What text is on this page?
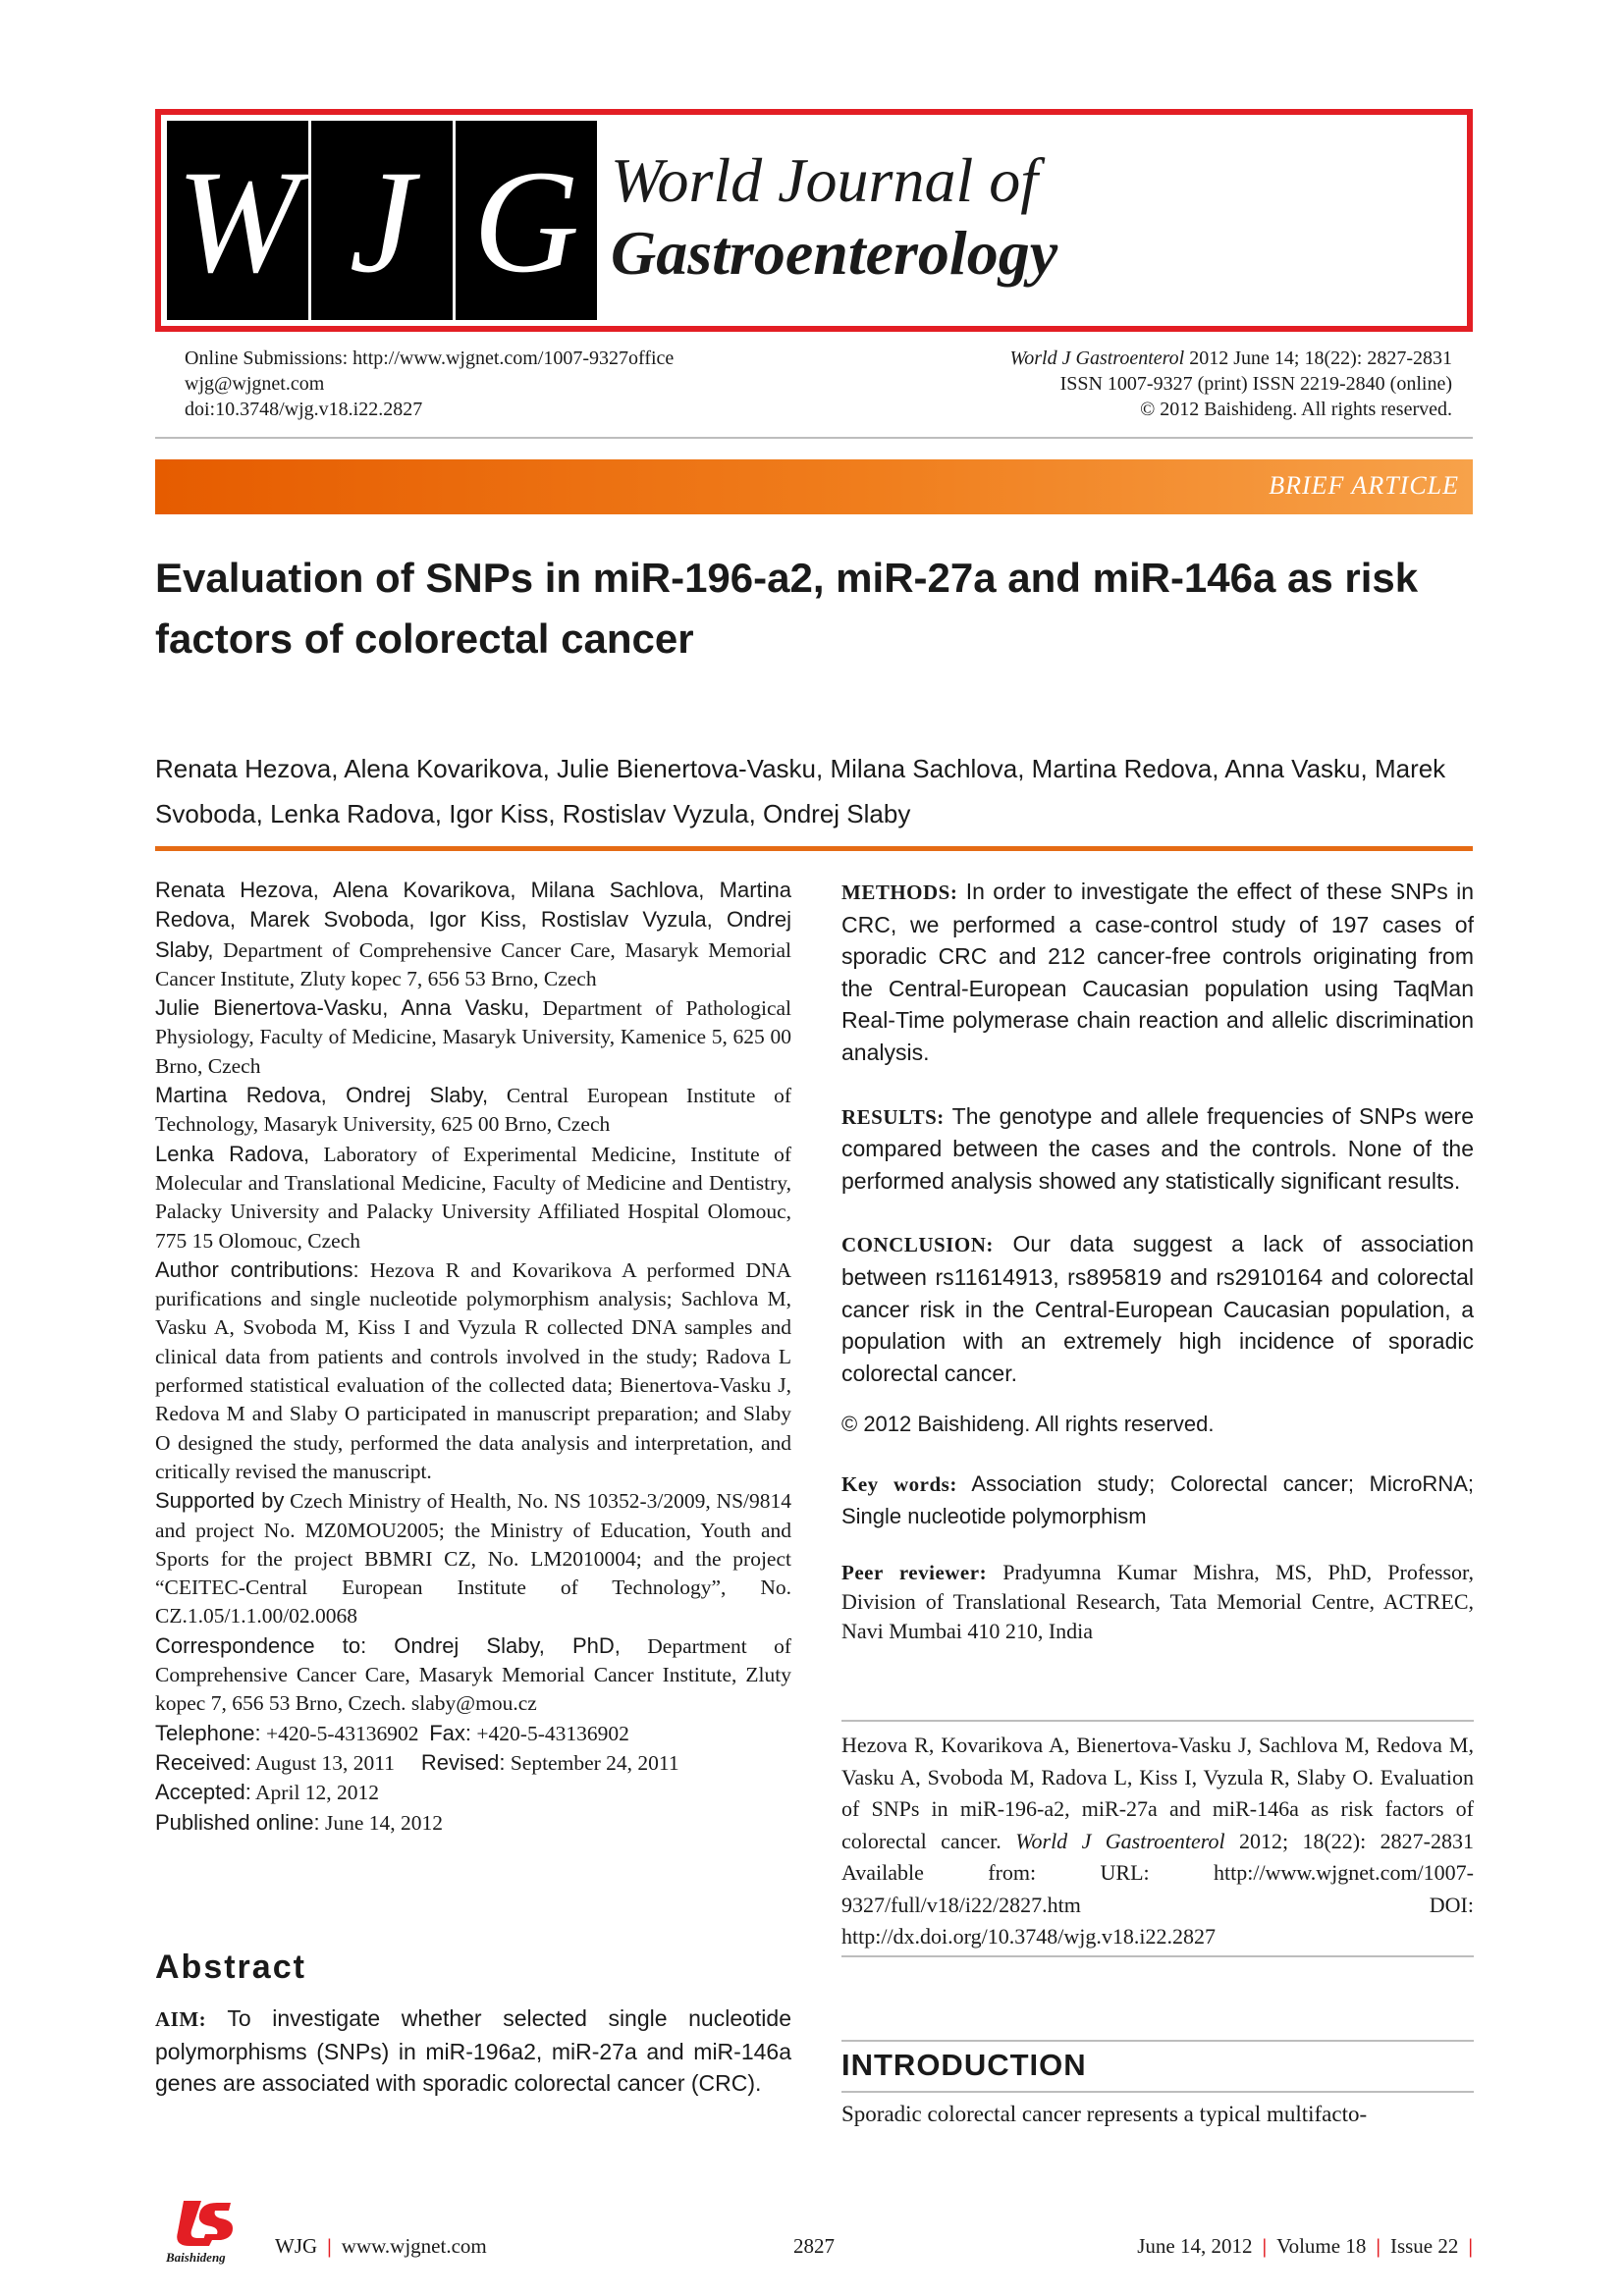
W J G World Journal of
Gastroenterology
Online Submissions: http://www.wjgnet.com/1007-9327office
wjg@wjgnet.com
doi:10.3748/wjg.v18.i22.2827
World J Gastroenterol 2012 June 14; 18(22): 2827-2831
ISSN 1007-9327 (print) ISSN 2219-2840 (online)
© 2012 Baishideng. All rights reserved.
BRIEF ARTICLE
Evaluation of SNPs in miR-196-a2, miR-27a and miR-146a as risk factors of colorectal cancer
Renata Hezova, Alena Kovarikova, Julie Bienertova-Vasku, Milana Sachlova, Martina Redova, Anna Vasku, Marek Svoboda, Lenka Radova, Igor Kiss, Rostislav Vyzula, Ondrej Slaby

Renata Hezova, Alena Kovarikova, Milana Sachlova, Martina Redova, Marek Svoboda, Igor Kiss, Rostislav Vyzula, Ondrej Slaby, Department of Comprehensive Cancer Care, Masaryk Memorial Cancer Institute, Zluty kopec 7, 656 53 Brno, Czech

Julie Bienertova-Vasku, Anna Vasku, Department of Pathological Physiology, Faculty of Medicine, Masaryk University, Kamenice 5, 625 00 Brno, Czech

Martina Redova, Ondrej Slaby, Central European Institute of Technology, Masaryk University, 625 00 Brno, Czech

Lenka Radova, Laboratory of Experimental Medicine, Institute of Molecular and Translational Medicine, Faculty of Medicine and Dentistry, Palacky University and Palacky University Affiliated Hospital Olomouc, 775 15 Olomouc, Czech

Author contributions: Hezova R and Kovarikova A performed DNA purifications and single nucleotide polymorphism analysis; Sachlova M, Vasku A, Svoboda M, Kiss I and Vyzula R collected DNA samples and clinical data from patients and controls involved in the study; Radova L performed statistical evaluation of the collected data; Bienertova-Vasku J, Redova M and Slaby O participated in manuscript preparation; and Slaby O designed the study, performed the data analysis and interpretation, and critically revised the manuscript.

Supported by Czech Ministry of Health, No. NS 10352-3/2009, NS/9814 and project No. MZ0MOU2005; the Ministry of Education, Youth and Sports for the project BBMRI CZ, No. LM2010004; and the project “CEITEC-Central European Institute of Technology”, No. CZ.1.05/1.1.00/02.0068

Correspondence to: Ondrej Slaby, PhD, Department of Comprehensive Cancer Care, Masaryk Memorial Cancer Institute, Zluty kopec 7, 656 53 Brno, Czech. slaby@mou.cz

Telephone: +420-5-43136902 Fax: +420-5-43136902

Received: August 13, 2011 Revised: September 24, 2011

Accepted: April 12, 2012

Published online: June 14, 2012

Abstract
AIM: To investigate whether selected single nucleotide polymorphisms (SNPs) in miR-196a2, miR-27a and miR-146a genes are associated with sporadic colorectal cancer (CRC).

METHODS: In order to investigate the effect of these SNPs in CRC, we performed a case-control study of 197 cases of sporadic CRC and 212 cancer-free controls originating from the Central-European Caucasian population using TaqMan Real-Time polymerase chain reaction and allelic discrimination analysis.

RESULTS: The genotype and allele frequencies of SNPs were compared between the cases and the controls. None of the performed analysis showed any statistically significant results.

CONCLUSION: Our data suggest a lack of association between rs11614913, rs895819 and rs2910164 and colorectal cancer risk in the Central-European Caucasian population, a population with an extremely high incidence of sporadic colorectal cancer.

© 2012 Baishideng. All rights reserved.

Key words: Association study; Colorectal cancer; MicroRNA; Single nucleotide polymorphism

Peer reviewer: Pradyumna Kumar Mishra, MS, PhD, Professor, Division of Translational Research, Tata Memorial Centre, ACTREC, Navi Mumbai 410 210, India

Hezova R, Kovarikova A, Bienertova-Vasku J, Sachlova M, Redova M, Vasku A, Svoboda M, Radova L, Kiss I, Vyzula R, Slaby O. Evaluation of SNPs in miR-196-a2, miR-27a and miR-146a as risk factors of colorectal cancer. World J Gastroenterol 2012; 18(22): 2827-2831 Available from: URL: http://www.wjgnet.com/1007-9327/full/v18/i22/2827.htm DOI: http://dx.doi.org/10.3748/wjg.v18.i22.2827
INTRODUCTION
Sporadic colorectal cancer represents a typical multifacto-
Baishideng WJG | www.wjgnet.com	2827	June 14, 2012 | Volume 18 | Issue 22 |
